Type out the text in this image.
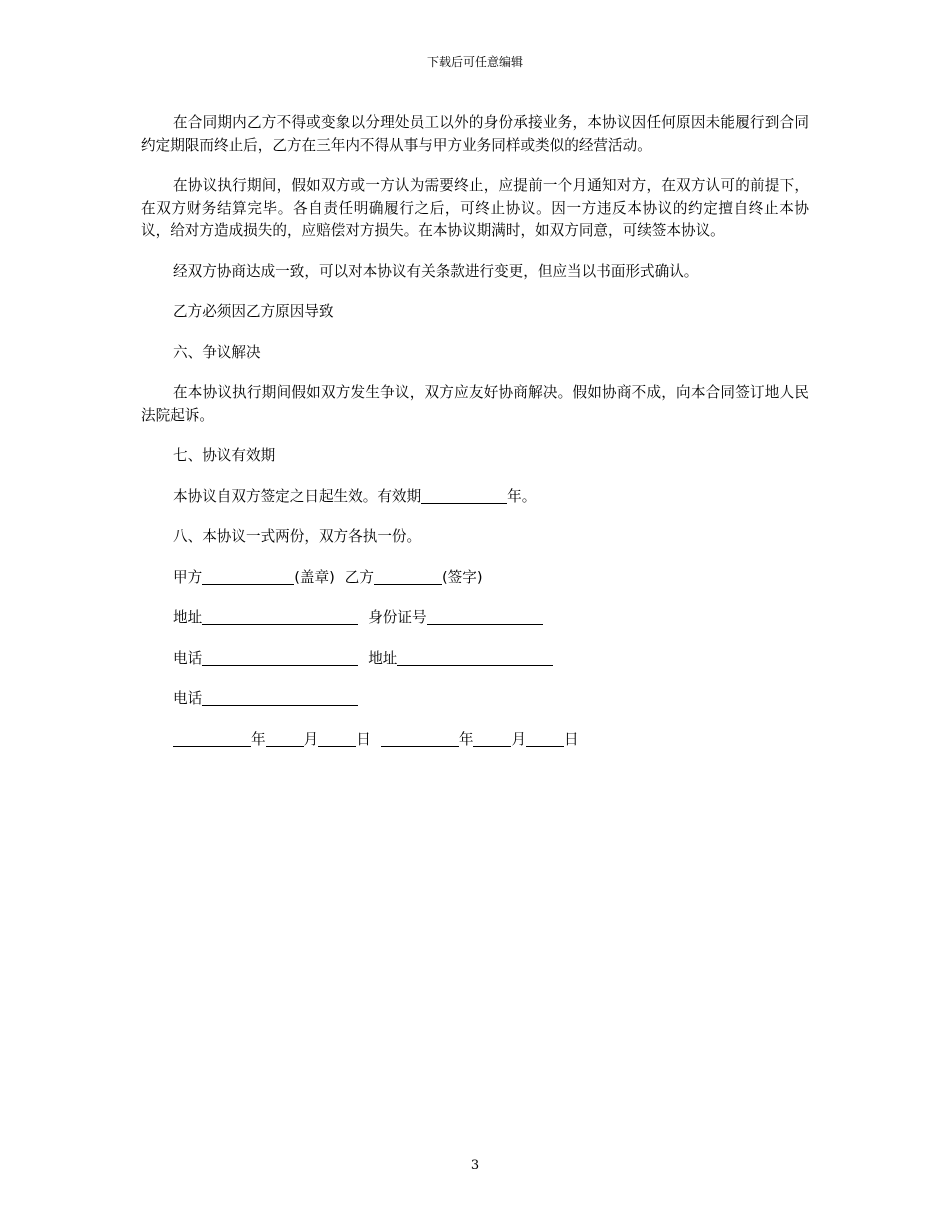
下载后可任意编辑

在合同期内乙方不得或变象以分理处员工以外的身份承接业务，本协议因任何原因未能履行到合同约定期限而终止后，乙方在三年内不得从事与甲方业务同样或类似的经营活动。

在协议执行期间，假如双方或一方认为需要终止，应提前一个月通知对方，在双方认可的前提下，在双方财务结算完毕。各自责任明确履行之后，可终止协议。因一方违反本协议的约定擅自终止本协议，给对方造成损失的，应赔偿对方损失。在本协议期满时，如双方同意，可续签本协议。

经双方协商达成一致，可以对本协议有关条款进行变更，但应当以书面形式确认。

乙方必须因乙方原因导致

六、争议解决

在本协议执行期间假如双方发生争议，双方应友好协商解决。假如协商不成，向本合同签订地人民法院起诉。

七、协议有效期

本协议自双方签定之日起生效。有效期	年。

八、本协议一式两份，双方各执一份。

甲方	(盖章) 乙方	(签字)

地址	身份证号

电话	地址

电话

年	月	日	年	月	日

3
